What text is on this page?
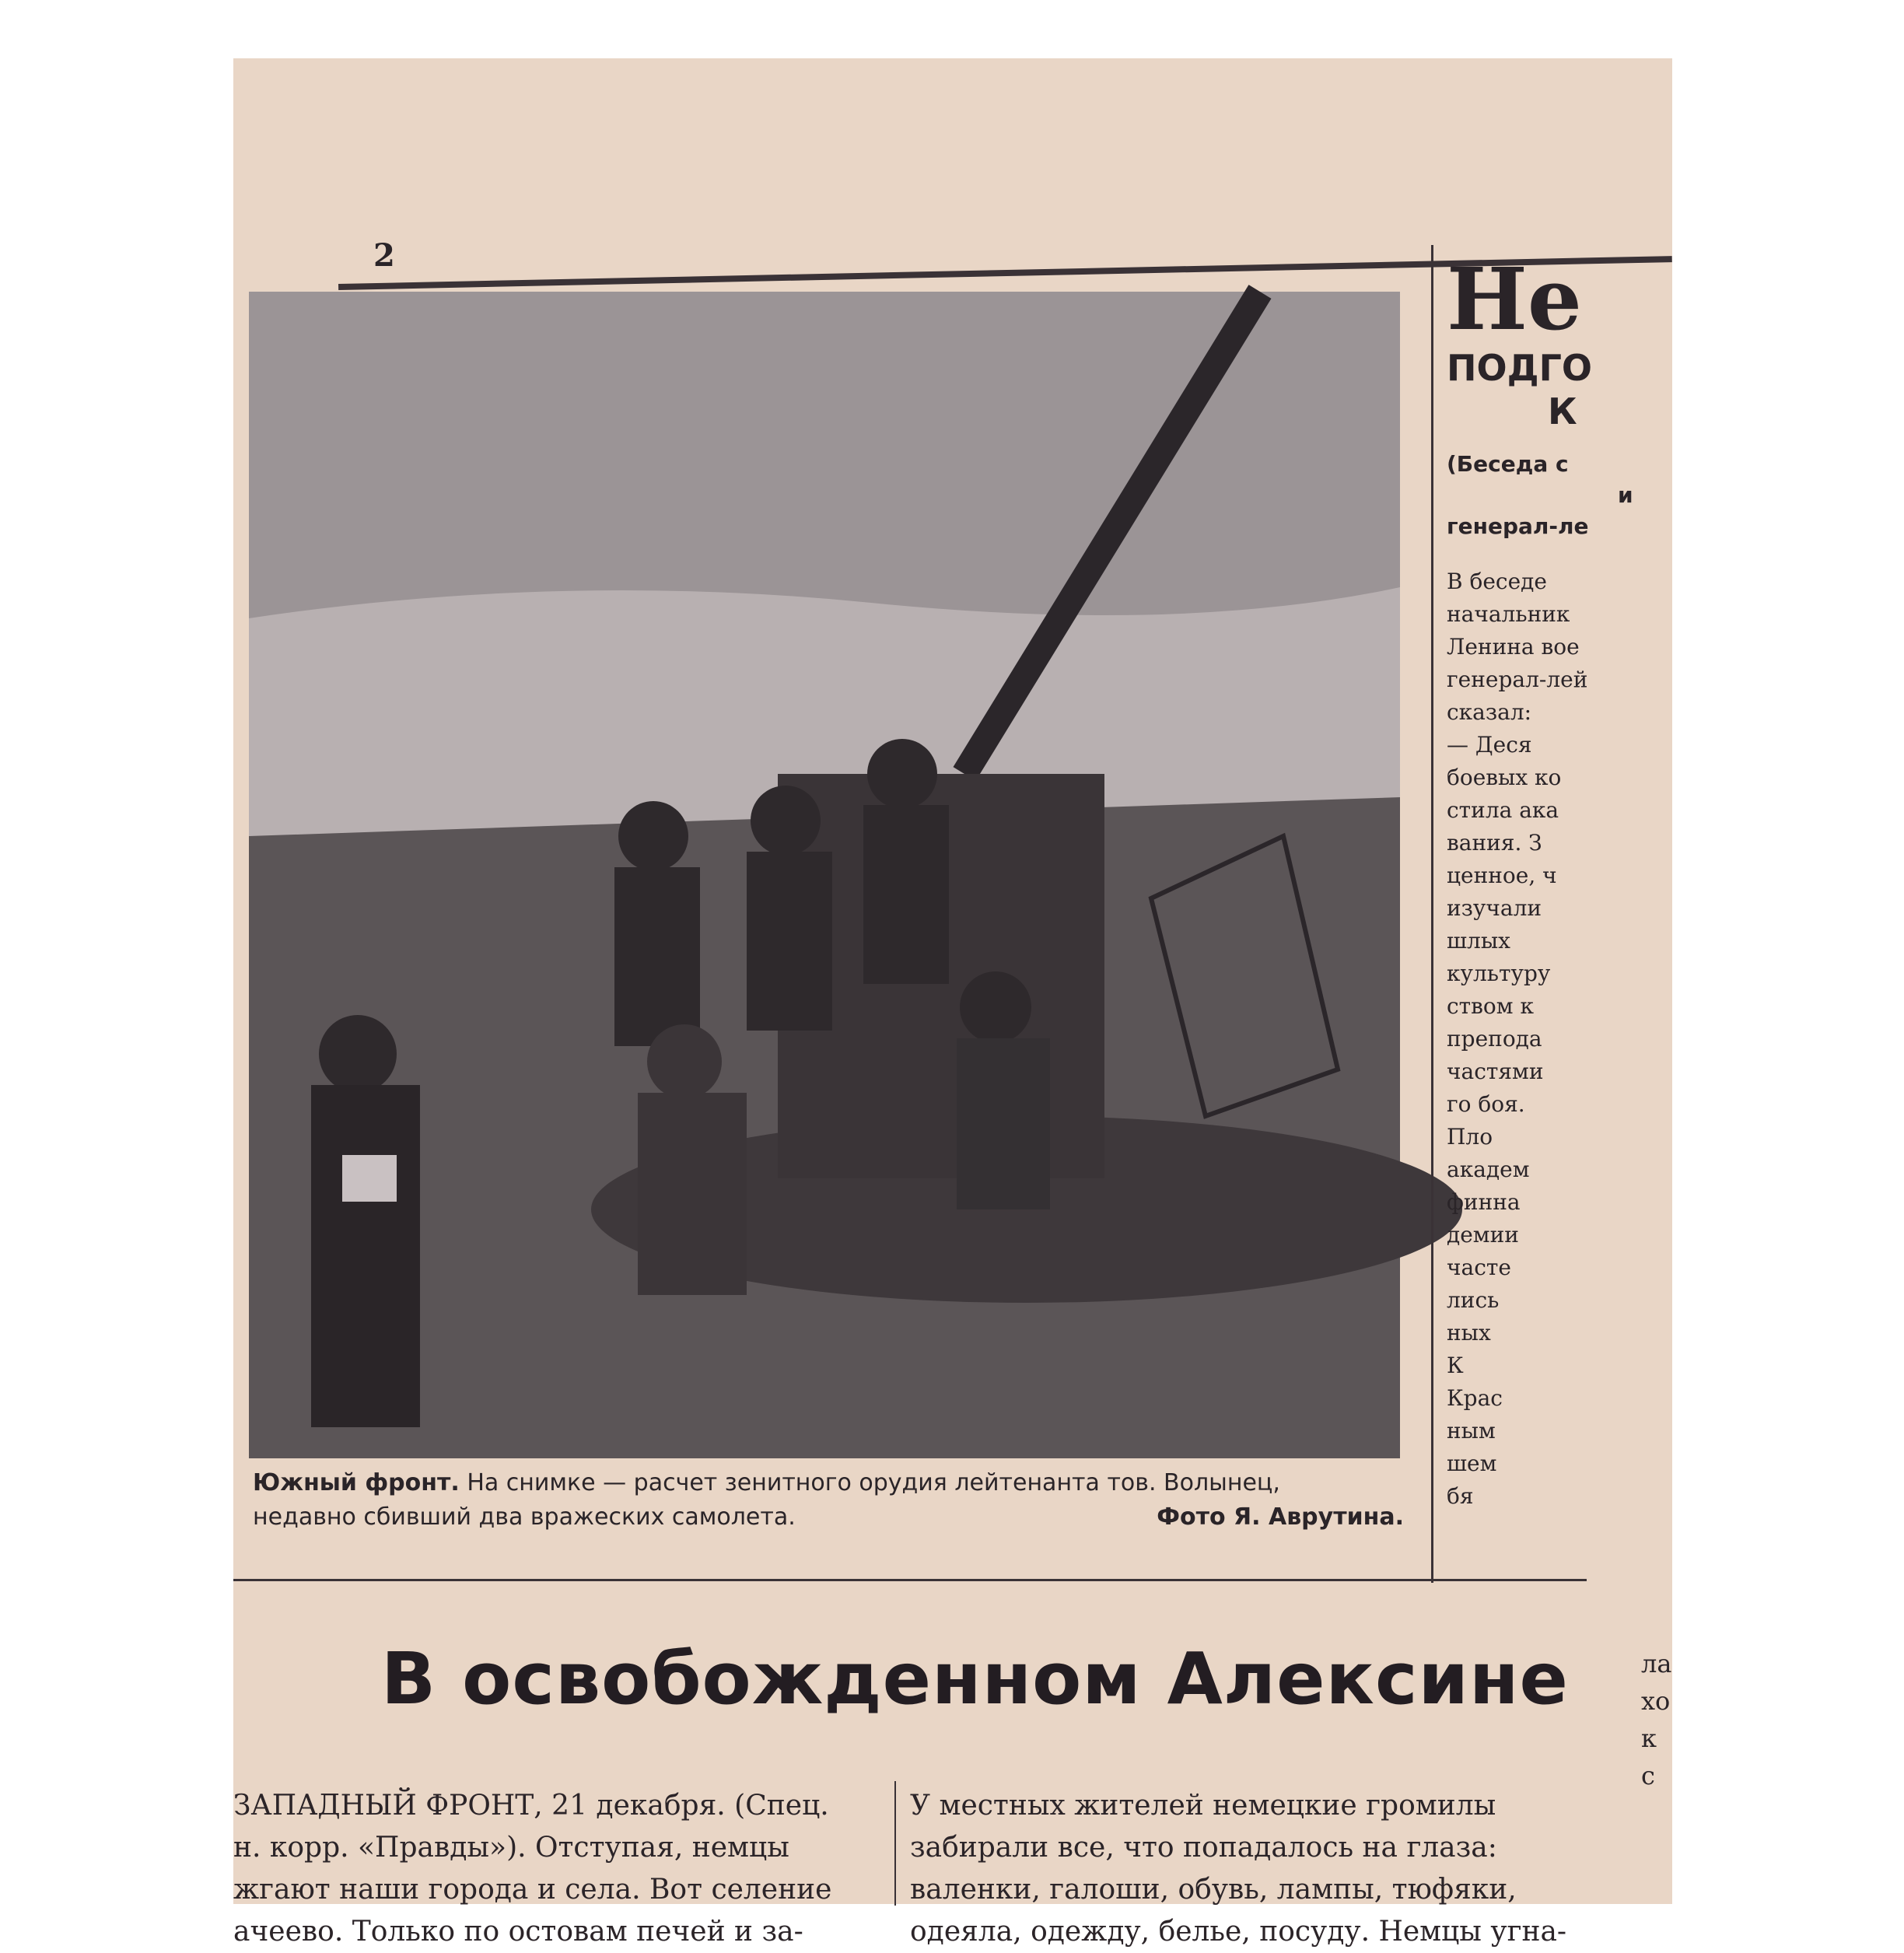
2
Южный фронт. На снимке — расчет зенитного орудия лейтенанта тов. Волынец,
недавно сбивший два вражеских самолета.	Фото Я. Аврутина.
Не
ПОДГО
К
(Беседа с
и
генерал-ле
В беседе
начальник
Ленина вое
генерал-лей
сказал:
— Деся
боевых ко
стила ака
вания. З
ценное, ч
изучали
шлых
культуру
ством к
препода
частями
го боя.
Пло
академ
финна
демии
часте
лись
ных
К
Крас
ным
шем
бя
В освобожденном Алексине
ЗАПАДНЫЙ ФРОНТ, 21 декабря. (Спец.
н. корр. «Правды»). Отступая, немцы
жгают наши города и села. Вот селение
ачеево. Только по остовам печей и за-
У местных жителей немецкие громилы
забирали все, что попадалось на глаза:
валенки, галоши, обувь, лампы, тюфяки,
одеяла, одежду, белье, посуду. Немцы угна-
ла
хо
к
с
